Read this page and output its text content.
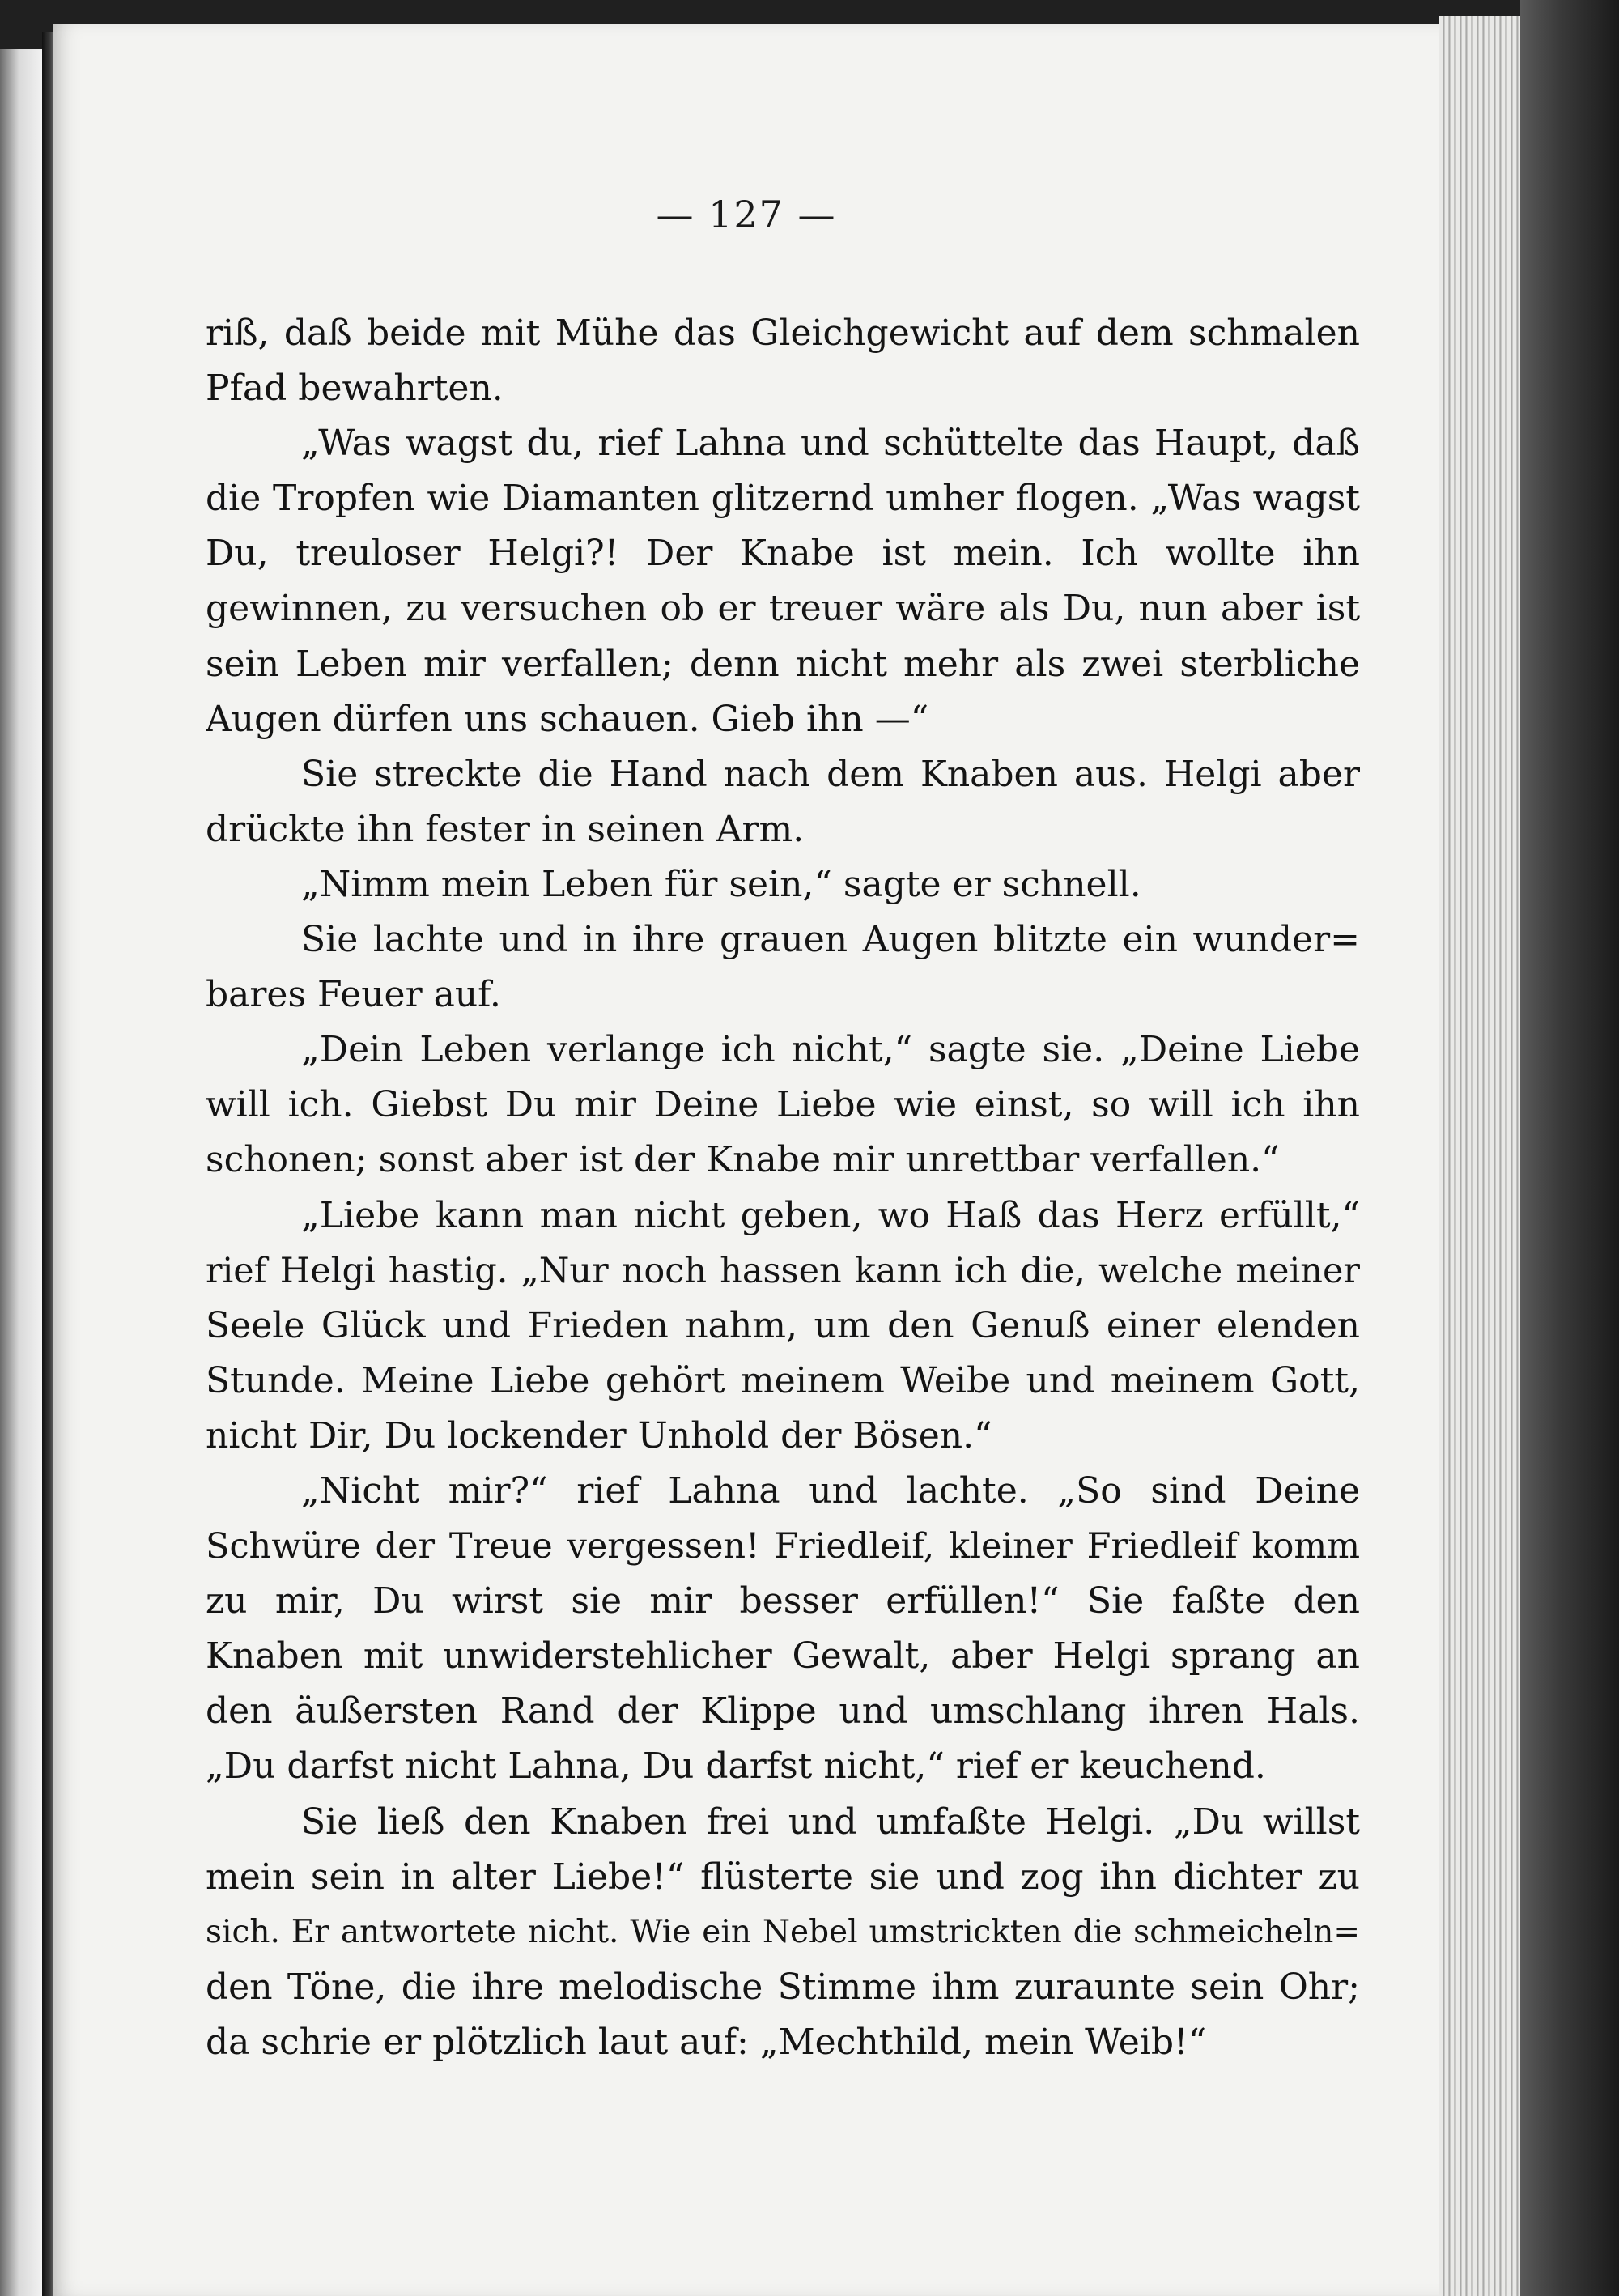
— 127 —
riß, daß beide mit Mühe das Gleichgewicht auf dem schmalen
Pfad bewahrten.
„Was wagst du, rief Lahna und schüttelte das Haupt, daß
die Tropfen wie Diamanten glitzernd umher flogen. „Was wagst
Du, treuloser Helgi?! Der Knabe ist mein. Ich wollte ihn
gewinnen, zu versuchen ob er treuer wäre als Du, nun aber ist
sein Leben mir verfallen; denn nicht mehr als zwei sterbliche
Augen dürfen uns schauen. Gieb ihn —“
Sie streckte die Hand nach dem Knaben aus. Helgi aber
drückte ihn fester in seinen Arm.
„Nimm mein Leben für sein,“ sagte er schnell.
Sie lachte und in ihre grauen Augen blitzte ein wunder=
bares Feuer auf.
„Dein Leben verlange ich nicht,“ sagte sie. „Deine Liebe
will ich. Giebst Du mir Deine Liebe wie einst, so will ich ihn
schonen; sonst aber ist der Knabe mir unrettbar verfallen.“
„Liebe kann man nicht geben, wo Haß das Herz erfüllt,“
rief Helgi hastig. „Nur noch hassen kann ich die, welche meiner
Seele Glück und Frieden nahm, um den Genuß einer elenden
Stunde. Meine Liebe gehört meinem Weibe und meinem Gott,
nicht Dir, Du lockender Unhold der Bösen.“
„Nicht mir?“ rief Lahna und lachte. „So sind Deine
Schwüre der Treue vergessen! Friedleif, kleiner Friedleif komm
zu mir, Du wirst sie mir besser erfüllen!“ Sie faßte den
Knaben mit unwiderstehlicher Gewalt, aber Helgi sprang an
den äußersten Rand der Klippe und umschlang ihren Hals.
„Du darfst nicht Lahna, Du darfst nicht,“ rief er keuchend.
Sie ließ den Knaben frei und umfaßte Helgi. „Du willst
mein sein in alter Liebe!“ flüsterte sie und zog ihn dichter zu
sich. Er antwortete nicht. Wie ein Nebel umstrickten die schmeicheln=
den Töne, die ihre melodische Stimme ihm zuraunte sein Ohr;
da schrie er plötzlich laut auf: „Mechthild, mein Weib!“
